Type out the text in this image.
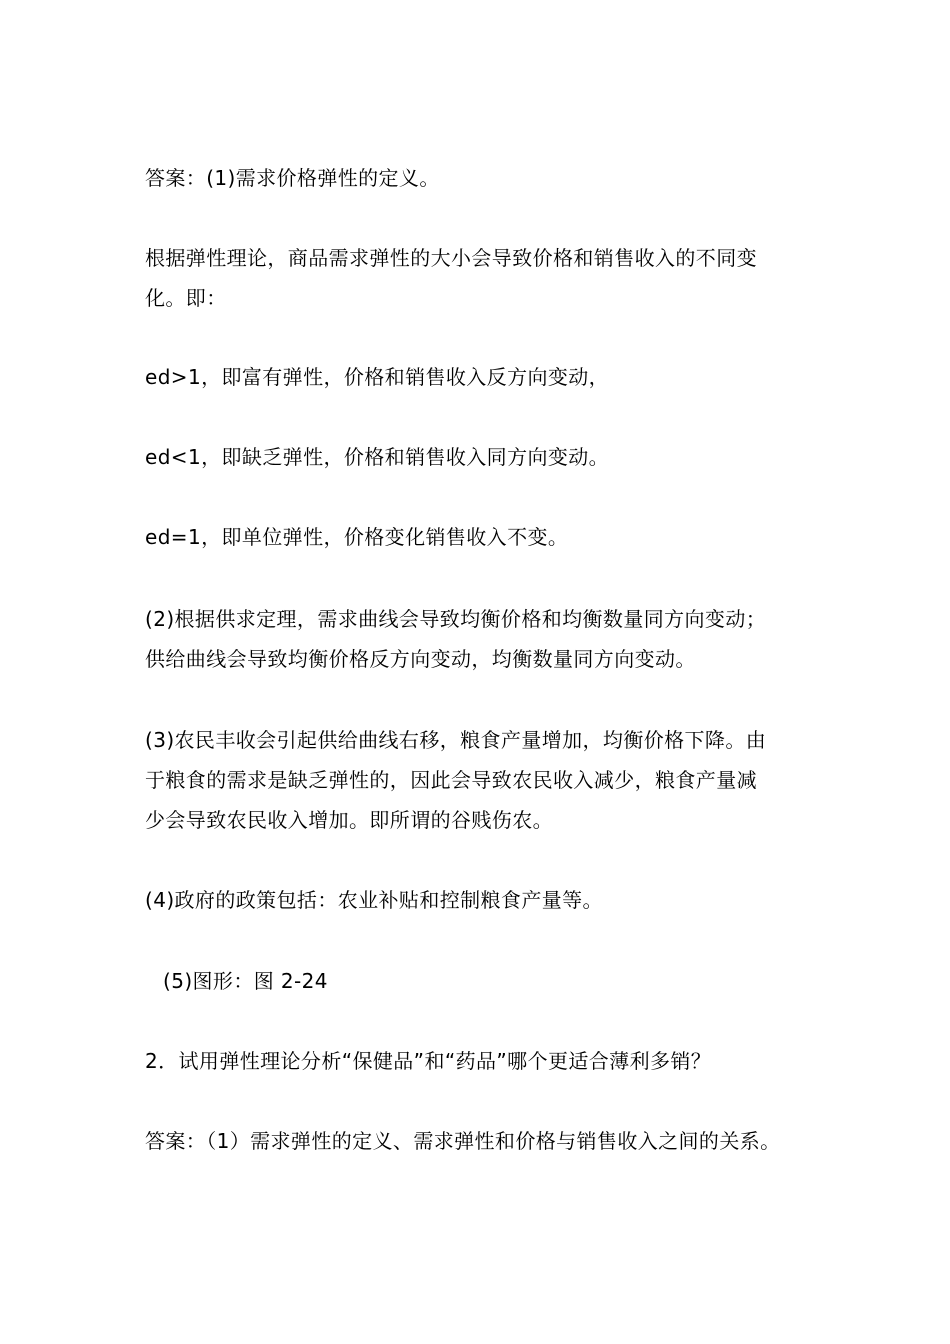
答案：(1)需求价格弹性的定义。

根据弹性理论，商品需求弹性的大小会导致价格和销售收入的不同变
化。即：

ed>1，即富有弹性，价格和销售收入反方向变动，

ed<1，即缺乏弹性，价格和销售收入同方向变动。

ed=1，即单位弹性，价格变化销售收入不变。

(2)根据供求定理，需求曲线会导致均衡价格和均衡数量同方向变动；
供给曲线会导致均衡价格反方向变动，均衡数量同方向变动。

(3)农民丰收会引起供给曲线右移，粮食产量增加，均衡价格下降。由
于粮食的需求是缺乏弹性的，因此会导致农民收入减少，粮食产量减
少会导致农民收入增加。即所谓的谷贱伤农。

(4)政府的政策包括：农业补贴和控制粮食产量等。

(5)图形：图 2-24

2．试用弹性理论分析“保健品”和“药品”哪个更适合薄利多销？

答案：（1）需求弹性的定义、需求弹性和价格与销售收入之间的关系。
